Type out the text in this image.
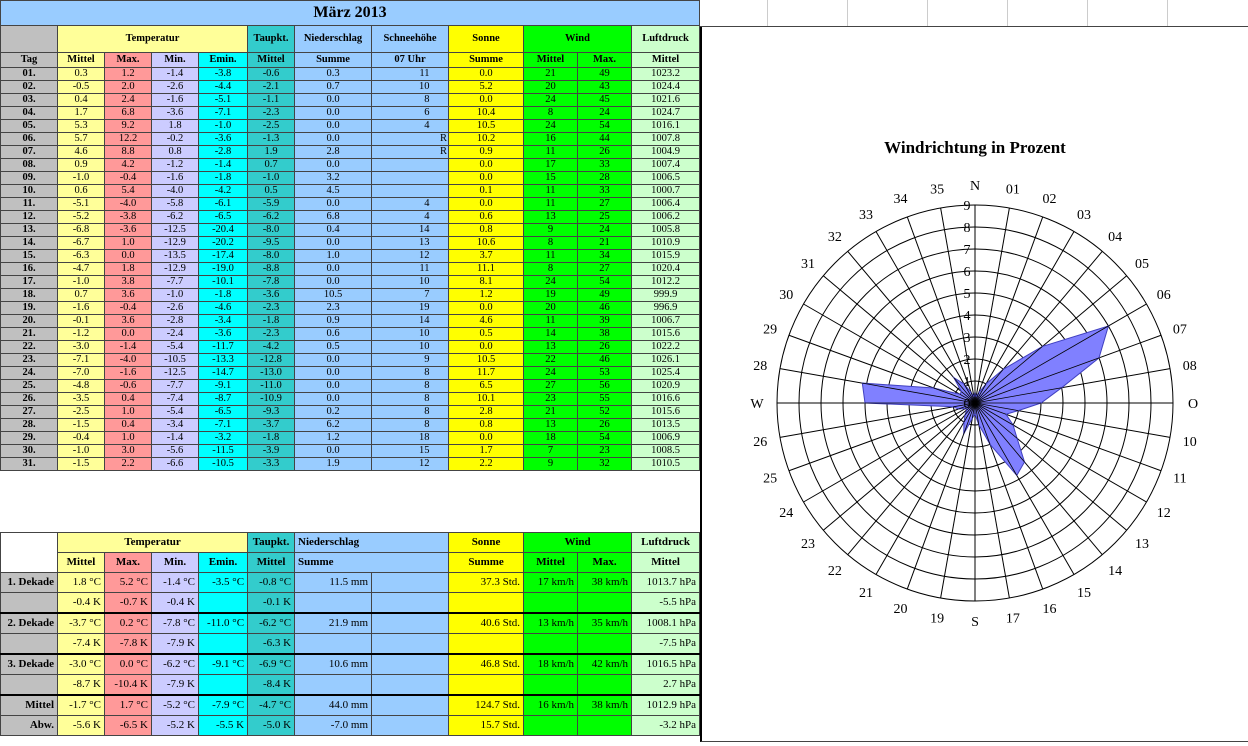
März 2013												
	Temperatur				Taupkt.	Niederschlag	Schneehöhe		Sonne	Wind		Luftdruck
Tag	Mittel	Max.	Min.	Emin.	Mittel	Summe	07 Uhr		Summe	Mittel	Max.	Mittel
01.	0.3	1.2	-1.4	-3.8	-0.6	0.3	11		0.0	21	49	1023.2
02.	-0.5	2.0	-2.6	-4.4	-2.1	0.7	10		5.2	20	43	1024.4
03.	0.4	2.4	-1.6	-5.1	-1.1	0.0	8		0.0	24	45	1021.6
04.	1.7	6.8	-3.6	-7.1	-2.3	0.0	6		10.4	8	24	1024.7
05.	5.3	9.2	1.8	-1.0	-2.5	0.0	4		10.5	24	54	1016.1
06.	5.7	12.2	-0.2	-3.6	-1.3	0.0		R	10.2	16	44	1007.8
07.	4.6	8.8	0.8	-2.8	1.9	2.8		R	0.9	11	26	1004.9
08.	0.9	4.2	-1.2	-1.4	0.7	0.0			0.0	17	33	1007.4
09.	-1.0	-0.4	-1.6	-1.8	-1.0	3.2			0.0	15	28	1006.5
10.	0.6	5.4	-4.0	-4.2	0.5	4.5			0.1	11	33	1000.7
11.	-5.1	-4.0	-5.8	-6.1	-5.9	0.0	4		0.0	11	27	1006.4
12.	-5.2	-3.8	-6.2	-6.5	-6.2	6.8	4		0.6	13	25	1006.2
13.	-6.8	-3.6	-12.5	-20.4	-8.0	0.4	14		0.8	9	24	1005.8
14.	-6.7	1.0	-12.9	-20.2	-9.5	0.0	13		10.6	8	21	1010.9
15.	-6.3	0.0	-13.5	-17.4	-8.0	1.0	12		3.7	11	34	1015.9
16.	-4.7	1.8	-12.9	-19.0	-8.8	0.0	11		11.1	8	27	1020.4
17.	-1.0	3.8	-7.7	-10.1	-7.8	0.0	10		8.1	24	54	1012.2
18.	0.7	3.6	-1.0	-1.8	-3.6	10.5	7		1.2	19	49	999.9
19.	-1.6	-0.4	-2.6	-4.6	-2.3	2.3	19		0.0	20	46	996.9
20.	-0.1	3.6	-2.8	-3.4	-1.8	0.9	14		4.6	11	39	1006.7
21.	-1.2	0.0	-2.4	-3.6	-2.3	0.6	10		0.5	14	38	1015.6
22.	-3.0	-1.4	-5.4	-11.7	-4.2	0.5	10		0.0	13	26	1022.2
23.	-7.1	-4.0	-10.5	-13.3	-12.8	0.0	9		10.5	22	46	1026.1
24.	-7.0	-1.6	-12.5	-14.7	-13.0	0.0	8		11.7	24	53	1025.4
25.	-4.8	-0.6	-7.7	-9.1	-11.0	0.0	8		6.5	27	56	1020.9
26.	-3.5	0.4	-7.4	-8.7	-10.9	0.0	8		10.1	23	55	1016.6
27.	-2.5	1.0	-5.4	-6.5	-9.3	0.2	8		2.8	21	52	1015.6
28.	-1.5	0.4	-3.4	-7.1	-3.7	6.2	8		0.8	13	26	1013.5
29.	-0.4	1.0	-1.4	-3.2	-1.8	1.2	18		0.0	18	54	1006.9
30.	-1.0	3.0	-5.6	-11.5	-3.9	0.0	15		1.7	7	23	1008.5
31.	-1.5	2.2	-6.6	-10.5	-3.3	1.9	12		2.2	9	32	1010.5
	Temperatur				Taupkt.	Niederschlag		Sonne	Wind		Luftdruck
	Mittel	Max.	Min.	Emin.	Mittel	Summe		Summe	Mittel	Max.	Mittel
1. Dekade	1.8 °C	5.2 °C	-1.4 °C	-3.5 °C	-0.8 °C	11.5 mm		37.3 Std.	17 km/h	38 km/h	1013.7 hPa
	-0.4 K	-0.7 K	-0.4 K		-0.1 K						-5.5 hPa
2. Dekade	-3.7 °C	0.2 °C	-7.8 °C	-11.0 °C	-6.2 °C	21.9 mm		40.6 Std.	13 km/h	35 km/h	1008.1 hPa
	-7.4 K	-7.8 K	-7.9 K		-6.3 K						-7.5 hPa
3. Dekade	-3.0 °C	0.0 °C	-6.2 °C	-9.1 °C	-6.9 °C	10.6 mm		46.8 Std.	18 km/h	42 km/h	1016.5 hPa
	-8.7 K	-10.4 K	-7.9 K		-8.4 K						2.7 hPa
Mittel	-1.7 °C	1.7 °C	-5.2 °C	-7.9 °C	-4.7 °C	44.0 mm		124.7 Std.	16 km/h	38 km/h	1012.9 hPa
Abw.	-5.6 K	-6.5 K	-5.2 K	-5.5 K	-5.0 K	-7.0 mm		15.7 Std.			-3.2 hPa
Windrichtung in Prozent
0
1
2
3
4
5
6
7
8
9
N 01
02
03
04
05
06
07
08
O
10
11
12
13
14
15
16
17
S
19
20
21
22
23
24
25
26
W
28
29
30
31
32
33
34
35
